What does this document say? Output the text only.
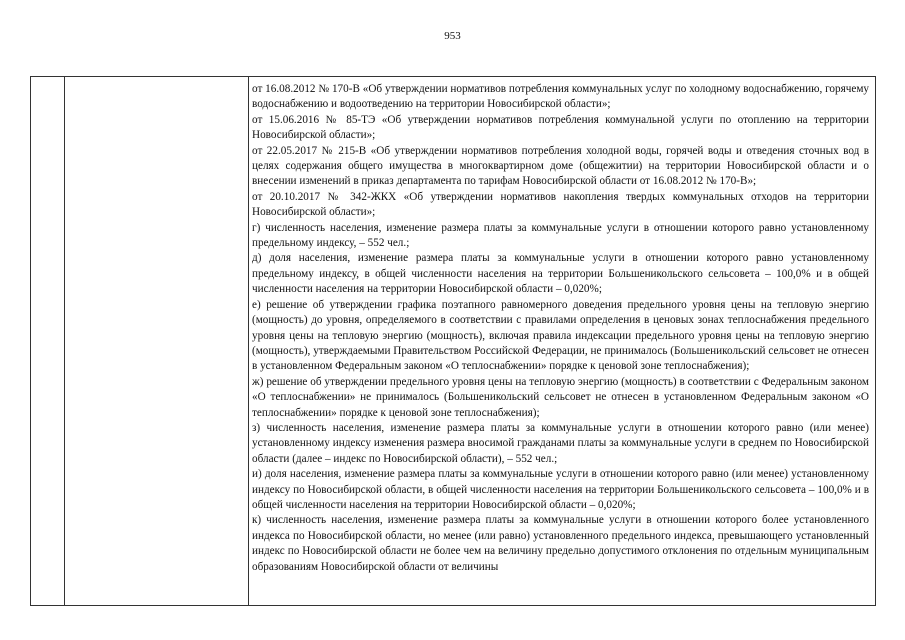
953

от 16.08.2012 № 170-В «Об утверждении нормативов потребления коммунальных услуг по холодному водоснабжению, горячему водоснабжению и водоотведению на территории Новосибирской области»;

от 15.06.2016 № 85-ТЭ «Об утверждении нормативов потребления коммунальной услуги по отоплению на территории Новосибирской области»;

от 22.05.2017 № 215-В «Об утверждении нормативов потребления холодной воды, горячей воды и отведения сточных вод в целях содержания общего имущества в многоквартирном доме (общежитии) на территории Новосибирской области и о внесении изменений в приказ департамента по тарифам Новосибирской области от 16.08.2012 № 170-В»;

от 20.10.2017 № 342-ЖКХ «Об утверждении нормативов накопления твердых коммунальных отходов на территории Новосибирской области»;

г) численность населения, изменение размера платы за коммунальные услуги в отношении которого равно установленному предельному индексу, – 552 чел.;

д) доля населения, изменение размера платы за коммунальные услуги в отношении которого равно установленному предельному индексу, в общей численности населения на территории Большеникольского сельсовета – 100,0% и в общей численности населения на территории Новосибирской области – 0,020%;

е) решение об утверждении графика поэтапного равномерного доведения предельного уровня цены на тепловую энергию (мощность) до уровня, определяемого в соответствии с правилами определения в ценовых зонах теплоснабжения предельного уровня цены на тепловую энергию (мощность), включая правила индексации предельного уровня цены на тепловую энергию (мощность), утверждаемыми Правительством Российской Федерации, не принималось (Большеникольский сельсовет не отнесен в установленном Федеральным законом «О теплоснабжении» порядке к ценовой зоне теплоснабжения);

ж) решение об утверждении предельного уровня цены на тепловую энергию (мощность) в соответствии с Федеральным законом «О теплоснабжении» не принималось (Большеникольский сельсовет не отнесен в установленном Федеральным законом «О теплоснабжении» порядке к ценовой зоне теплоснабжения);

з) численность населения, изменение размера платы за коммунальные услуги в отношении которого равно (или менее) установленному индексу изменения размера вносимой гражданами платы за коммунальные услуги в среднем по Новосибирской области (далее – индекс по Новосибирской области), – 552 чел.;

и) доля населения, изменение размера платы за коммунальные услуги в отношении которого равно (или менее) установленному индексу по Новосибирской области, в общей численности населения на территории Большеникольского сельсовета – 100,0% и в общей численности населения на территории Новосибирской области – 0,020%;

к) численность населения, изменение размера платы за коммунальные услуги в отношении которого более установленного индекса по Новосибирской области, но менее (или равно) установленного предельного индекса, превышающего установленный индекс по Новосибирской области не более чем на величину предельно допустимого отклонения по отдельным муниципальным образованиям Новосибирской области от величины
